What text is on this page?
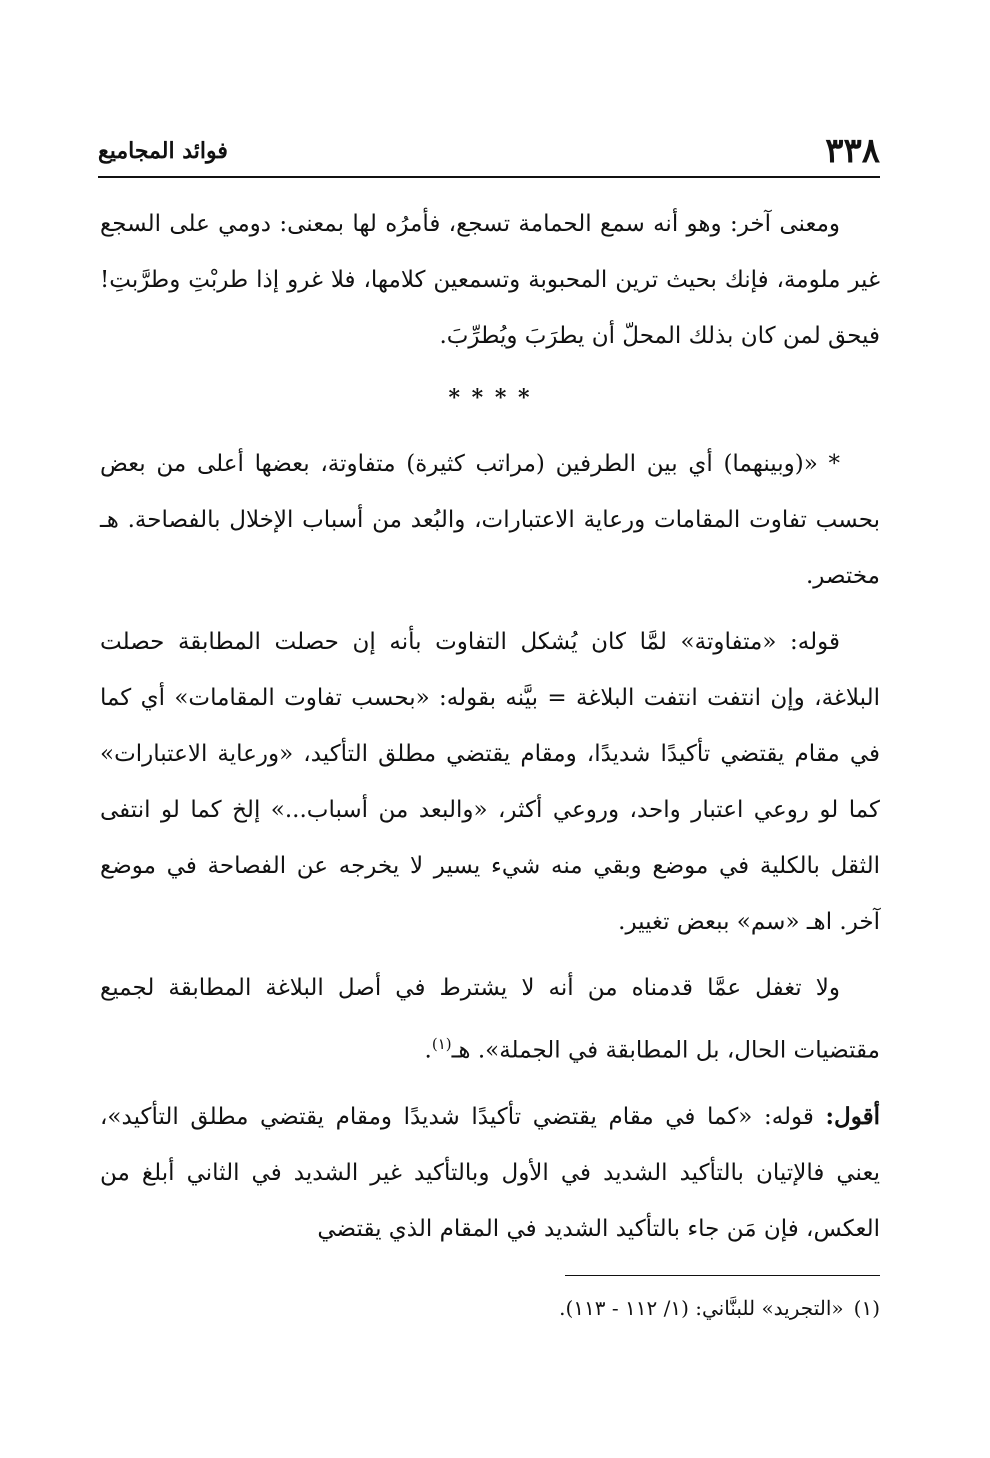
٣٣٨
فوائد المجاميع

ومعنى آخر: وهو أنه سمع الحمامة تسجع، فأمرُه لها بمعنى: دومي على السجع غير ملومة، فإنك بحيث ترين المحبوبة وتسمعين كلامها، فلا غرو إذا طربْتِ وطرَّبتِ! فيحق لمن كان بذلك المحلّ أن يطرَبَ ويُطرِّبَ.

* * * *

* «(وبينهما) أي بين الطرفين (مراتب كثيرة) متفاوتة، بعضها أعلى من بعض بحسب تفاوت المقامات ورعاية الاعتبارات، والبُعد من أسباب الإخلال بالفصاحة. هـ مختصر.

قوله: «متفاوتة» لمَّا كان يُشكل التفاوت بأنه إن حصلت المطابقة حصلت البلاغة، وإن انتفت انتفت البلاغة = بيَّنه بقوله: «بحسب تفاوت المقامات» أي كما في مقام يقتضي تأكيدًا شديدًا، ومقام يقتضي مطلق التأكيد، «ورعاية الاعتبارات» كما لو روعي اعتبار واحد، وروعي أكثر، «والبعد من أسباب...» إلخ كما لو انتفى الثقل بالكلية في موضع وبقي منه شيء يسير لا يخرجه عن الفصاحة في موضع آخر. اهـ «سم» ببعض تغيير.

ولا تغفل عمَّا قدمناه من أنه لا يشترط في أصل البلاغة المطابقة لجميع مقتضيات الحال، بل المطابقة في الجملة». هـ$^{(١)}$.

أقول: قوله: «كما في مقام يقتضي تأكيدًا شديدًا ومقام يقتضي مطلق التأكيد»، يعني فالإتيان بالتأكيد الشديد في الأول وبالتأكيد غير الشديد في الثاني أبلغ من العكس، فإن مَن جاء بالتأكيد الشديد في المقام الذي يقتضي

(١)«التجريد» للبنَّاني: (١/ ١١٢ - ١١٣).
